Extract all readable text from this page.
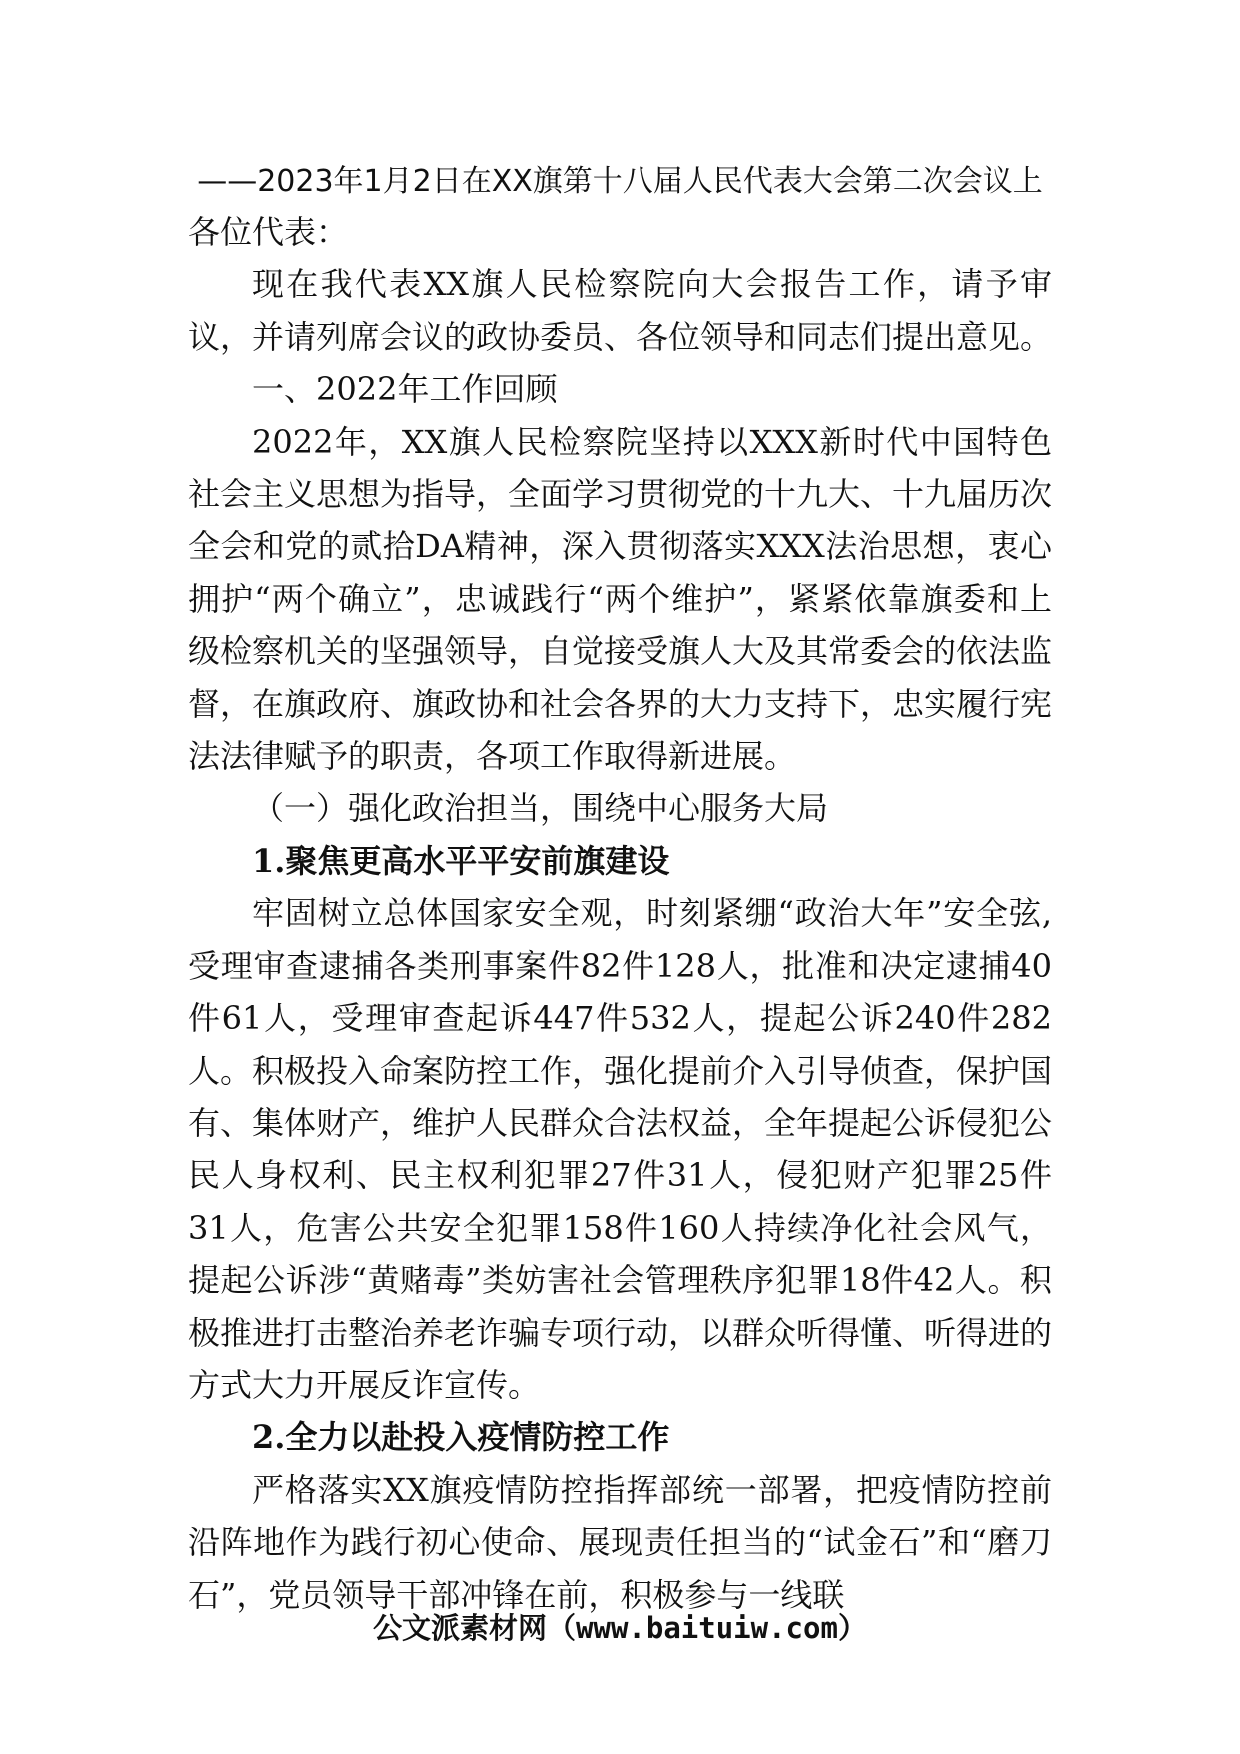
——2023年1月2日在XX旗第十八届人民代表大会第二次会议上

各位代表：

现在我代表XX旗人民检察院向大会报告工作，请予审议，并请列席会议的政协委员、各位领导和同志们提出意见。

一、2022年工作回顾

2022年，XX旗人民检察院坚持以XXX新时代中国特色社会主义思想为指导，全面学习贯彻党的十九大、十九届历次全会和党的贰拾DA精神，深入贯彻落实XXX法治思想，衷心拥护“两个确立”，忠诚践行“两个维护”，紧紧依靠旗委和上级检察机关的坚强领导，自觉接受旗人大及其常委会的依法监督，在旗政府、旗政协和社会各界的大力支持下，忠实履行宪法法律赋予的职责，各项工作取得新进展。

（一）强化政治担当，围绕中心服务大局

1.聚焦更高水平平安前旗建设

牢固树立总体国家安全观，时刻紧绷“政治大年”安全弦,受理审查逮捕各类刑事案件82件128人，批准和决定逮捕40件61人，受理审查起诉447件532人，提起公诉240件282人。积极投入命案防控工作，强化提前介入引导侦查，保护国有、集体财产，维护人民群众合法权益，全年提起公诉侵犯公民人身权利、民主权利犯罪27件31人，侵犯财产犯罪25件31人，危害公共安全犯罪158件160人持续净化社会风气，提起公诉涉“黄赌毒”类妨害社会管理秩序犯罪18件42人。积极推进打击整治养老诈骗专项行动，以群众听得懂、听得进的方式大力开展反诈宣传。

2.全力以赴投入疫情防控工作

严格落实XX旗疫情防控指挥部统一部署，把疫情防控前沿阵地作为践行初心使命、展现责任担当的“试金石”和“磨刀石”，党员领导干部冲锋在前，积极参与一线联

公文派素材网（www.baituiw.com）
